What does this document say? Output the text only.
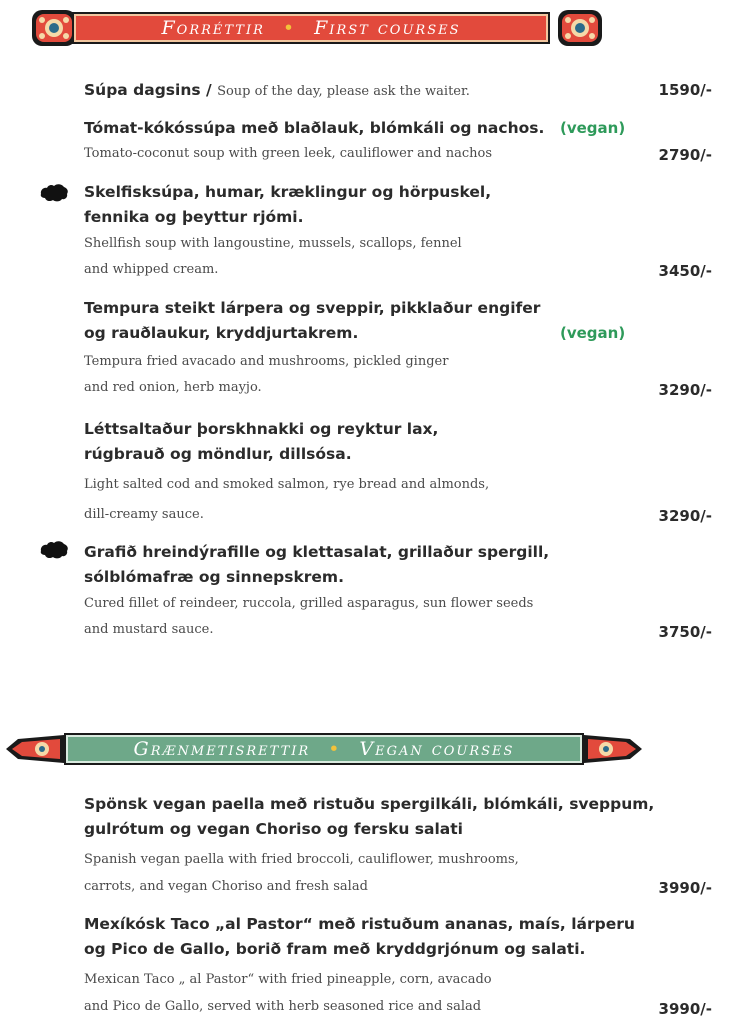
Forréttir • First courses
Súpa dagsins / Soup of the day, please ask the waiter.	1590/-
Tómat-kókóssúpa með blaðlauk, blómkáli og nachos.
Tomato-coconut soup with green leek, cauliflower and nachos
(vegan)
2790/-
Skelfisksúpa, humar, kræklingur og hörpuskel,
fennika og þeyttur rjómi.
Shellfish soup with langoustine, mussels, scallops, fennel
and whipped cream.	3450/-
Tempura steikt lárpera og sveppir, pikklaður engifer
og rauðlaukur, kryddjurtakrem.
Tempura fried avacado and mushrooms, pickled ginger
and red onion, herb mayjo.
(vegan)
3290/-
Léttsaltaður þorskhnakki og reyktur lax,
rúgbrauð og möndlur, dillsósa.
Light salted cod and smoked salmon, rye bread and almonds,
dill-creamy sauce.	3290/-
Grafið hreindýrafille og klettasalat, grillaður spergill,
sólblómafræ og sinnepskrem.
Cured fillet of reindeer, ruccola, grilled asparagus, sun flower seeds
and mustard sauce.	3750/-
Grænmetisrettir • Vegan courses
Spönsk vegan paella með ristuðu spergilkáli, blómkáli, sveppum,
gulrótum og vegan Choriso og fersku salati
Spanish vegan paella with fried broccoli, cauliflower, mushrooms,
carrots, and vegan Choriso and fresh salad	3990/-
Mexíkósk Taco „al Pastor“ með ristuðum ananas, maís, lárperu
og Pico de Gallo, borið fram með kryddgrjónum og salati.
Mexican Taco „ al Pastor“ with fried pineapple, corn, avacado
and Pico de Gallo, served with herb seasoned rice and salad	3990/-
